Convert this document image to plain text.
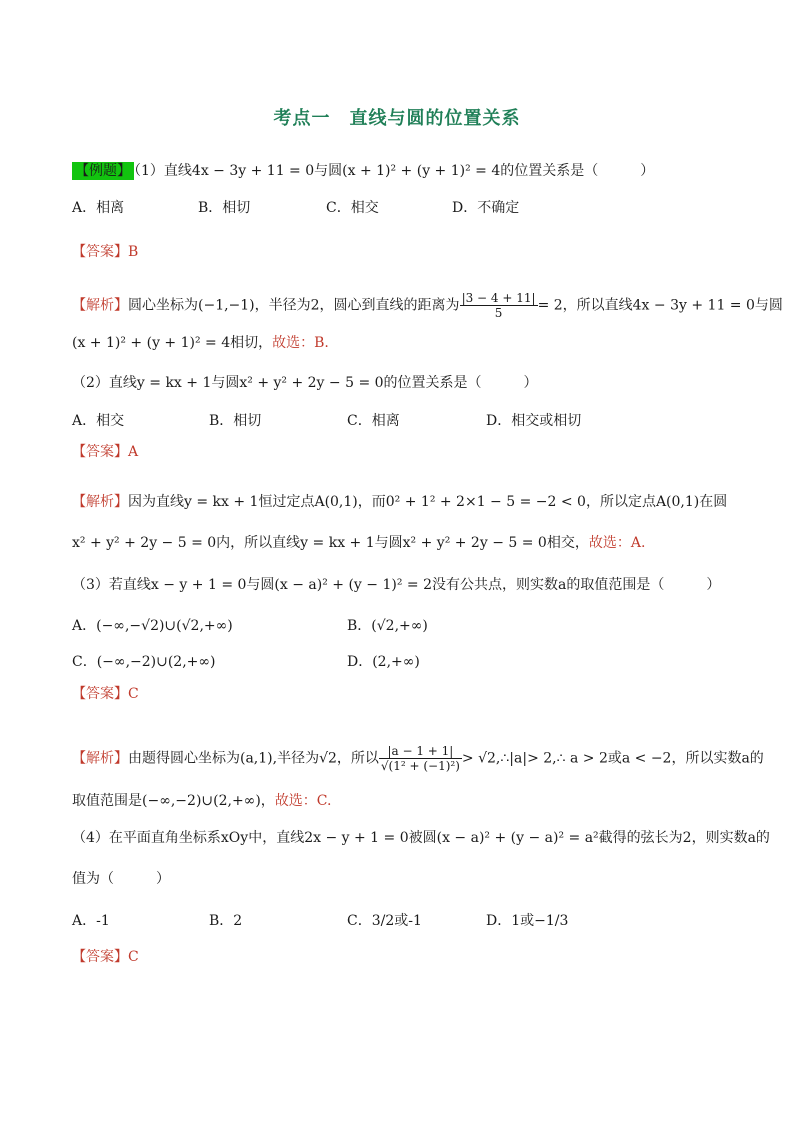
考点一　直线与圆的位置关系
【例题】 （1）直线4x − 3y + 11 = 0与圆(x + 1)² + (y + 1)² = 4的位置关系是（　　　）
A．相离	B．相切	C．相交	D．不确定
【答案】B
【解析】圆心坐标为(−1,−1)，半径为2，圆心到直线的距离为 $\frac{|3 - 4 + 11|}{5} = 2$，所以直线4x − 3y + 11 = 0与圆
(x + 1)² + (y + 1)² = 4相切，故选：B.
（2）直线y = kx + 1与圆x² + y² + 2y − 5 = 0的位置关系是（　　　）
A．相交	B．相切	C．相离	D．相交或相切
【答案】A
【解析】因为直线y = kx + 1恒过定点A(0,1)，而0² + 1² + 2×1 − 5 = −2 < 0，所以定点A(0,1)在圆
x² + y² + 2y − 5 = 0内，所以直线y = kx + 1与圆x² + y² + 2y − 5 = 0相交，故选：A.
（3）若直线x − y + 1 = 0与圆(x − a)² + (y − 1)² = 2没有公共点，则实数a的取值范围是（　　　）
A．(−∞,−√2)∪(√2,+∞)	B．(√2,+∞)
C．(−∞,−2)∪(2,+∞)	D．(2,+∞)
【答案】C
【解析】由题得圆心坐标为(a,1),半径为√2，所以 $\frac{|a - 1 + 1|}{\text{√(1² + (−1)²)}}$ > √2,∴|a|> 2,∴ a > 2或a < −2，所以实数a的
取值范围是(−∞,−2)∪(2,+∞)，故选：C.
（4）在平面直角坐标系xOy中，直线2x − y + 1 = 0被圆(x − a)² + (y − a)² = a²截得的弦长为2，则实数a的
值为（　　　）
A．-1	B．2	C．3/2或-1	D．1或−1/3
【答案】C
